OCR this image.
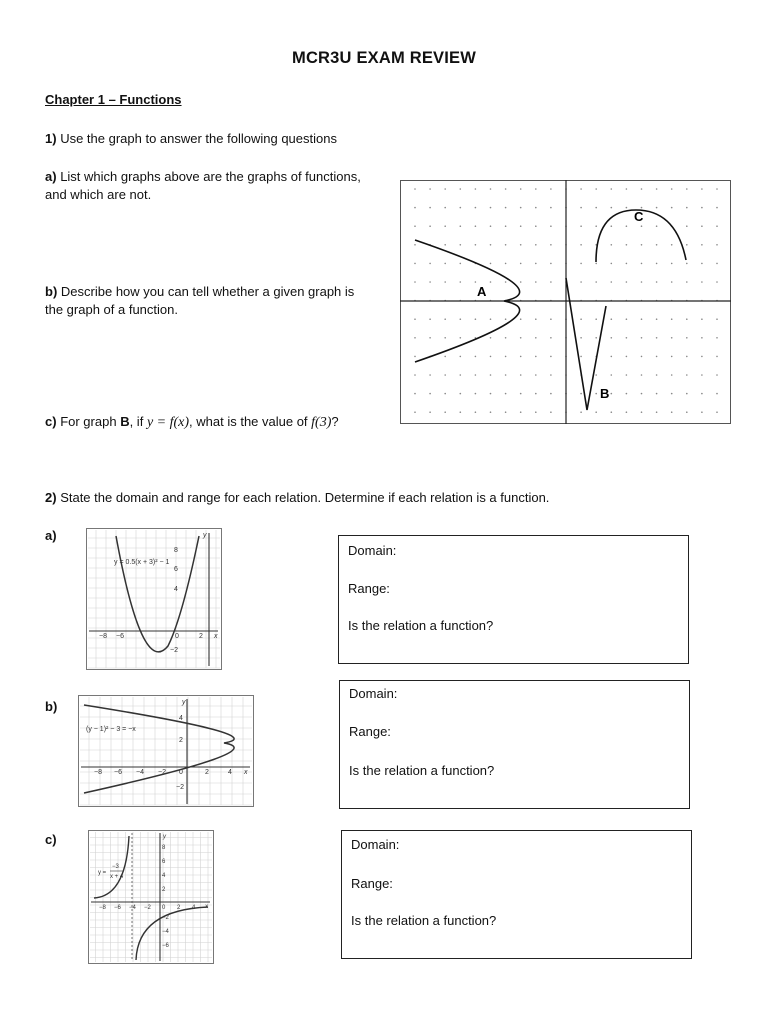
MCR3U EXAM REVIEW
Chapter 1 – Functions
1) Use the graph to answer the following questions
a) List which graphs above are the graphs of functions,
and which are not.
b) Describe how you can tell whether a given graph is
the graph of a function.
c) For graph B, if y = f(x), what is the value of f(3)?
A
B
C
2) State the domain and range for each relation. Determine if each relation is a function.
a)
y = 0.5(x + 3)² − 1
−8 −6	0	2 x
y
8
6
4
−2
Domain:
Range:
Is the relation a function?
b)
(y − 1)² − 3 = −x
−8 −6 −4 −2 0	2	4 x
y
4
2
−2
Domain:
Range:
Is the relation a function?
c)
y =
−3
x + 4
−8 −6 −4 −2 0 2 4 x
y
8
6
4
2
−2
−4
−6
Domain:
Range:
Is the relation a function?
